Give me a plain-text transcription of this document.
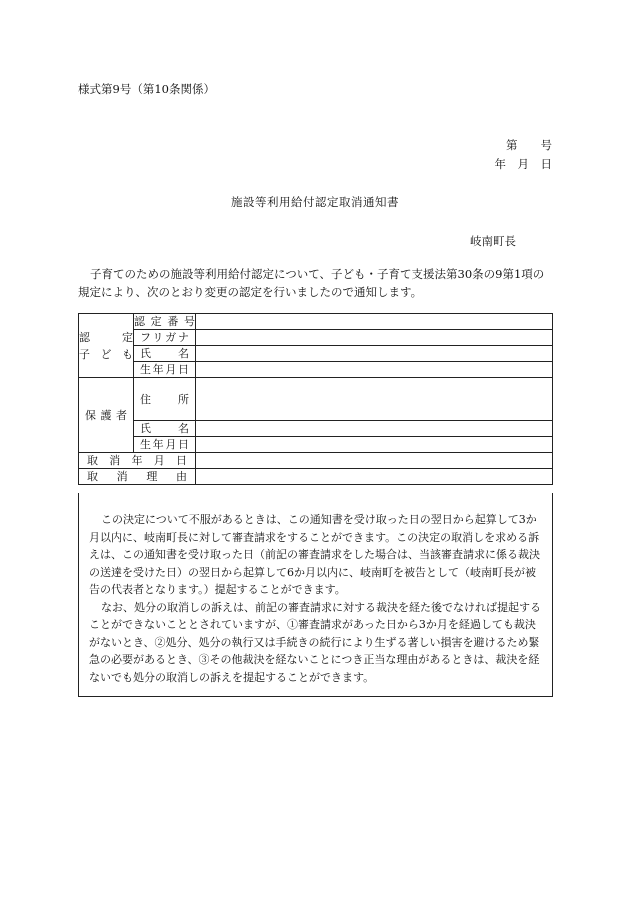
様式第9号（第10条関係）
第　　号
年　月　日
施設等利用給付認定取消通知書
岐南町長
子育てのための施設等利用給付認定について、子ども・子育て支援法第30条の9第1項の規定により、次のとおり変更の認定を行いましたので通知します。
認 定
子 ど も	認定番号	

	フリガナ	

	氏 名	

	生年月日	

保 護 者	住 所	

	氏 名	

	生年月日	

取 消 年 月 日		

取 消 理 由		

この決定について不服があるときは、この通知書を受け取った日の翌日から起算して3か月以内に、岐南町長に対して審査請求をすることができます。この決定の取消しを求める訴えは、この通知書を受け取った日（前記の審査請求をした場合は、当該審査請求に係る裁決の送達を受けた日）の翌日から起算して6か月以内に、岐南町を被告として（岐南町長が被告の代表者となります。）提起することができます。

なお、処分の取消しの訴えは、前記の審査請求に対する裁決を経た後でなければ提起することができないこととされていますが、①審査請求があった日から3か月を経過しても裁決がないとき、②処分、処分の執行又は手続きの続行により生ずる著しい損害を避けるため緊急の必要があるとき、③その他裁決を経ないことにつき正当な理由があるときは、裁決を経ないでも処分の取消しの訴えを提起することができます。
